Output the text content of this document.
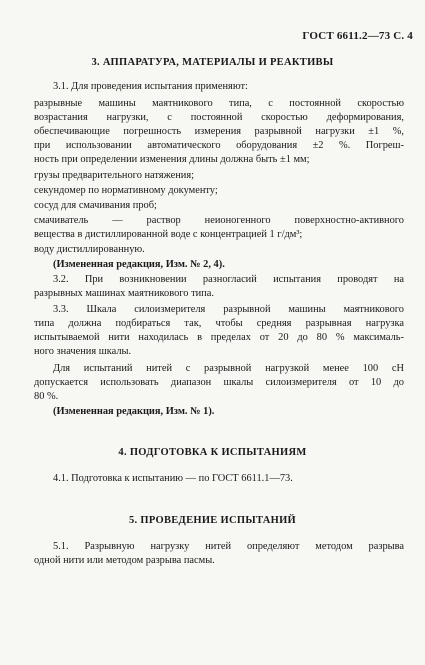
ГОСТ 6611.2—73 С. 4
3. АППАРАТУРА, МАТЕРИАЛЫ И РЕАКТИВЫ
3.1. Для проведения испытания применяют:
разрывные машины маятникового типа, с постоянной скоростью
возрастания нагрузки, с постоянной скоростью деформирования,
обеспечивающие погрешность измерения разрывной нагрузки ±1 %,
при использовании автоматического оборудования ±2 %. Погреш-
ность при определении изменения длины должна быть ±1 мм;
грузы предварительного натяжения;
секундомер по нормативному документу;
сосуд для смачивания проб;
смачиватель — раствор неионогенного поверхностно-активного
вещества в дистиллированной воде с концентрацией 1 г/дм³;
воду дистиллированную.
(Измененная редакция, Изм. № 2, 4).
3.2. При возникновении разногласий испытания проводят на
разрывных машинах маятникового типа.
3.3. Шкала силоизмерителя разрывной машины маятникового
типа должна подбираться так, чтобы средняя разрывная нагрузка
испытываемой нити находилась в пределах от 20 до 80 % максималь-
ного значения шкалы.
Для испытаний нитей с разрывной нагрузкой менее 100 сН
допускается использовать диапазон шкалы силоизмерителя от 10 до
80 %.
(Измененная редакция, Изм. № 1).
4. ПОДГОТОВКА К ИСПЫТАНИЯМ
4.1. Подготовка к испытанию — по ГОСТ 6611.1—73.
5. ПРОВЕДЕНИЕ ИСПЫТАНИЙ
5.1. Разрывную нагрузку нитей определяют методом разрыва
одной нити или методом разрыва пасмы.
